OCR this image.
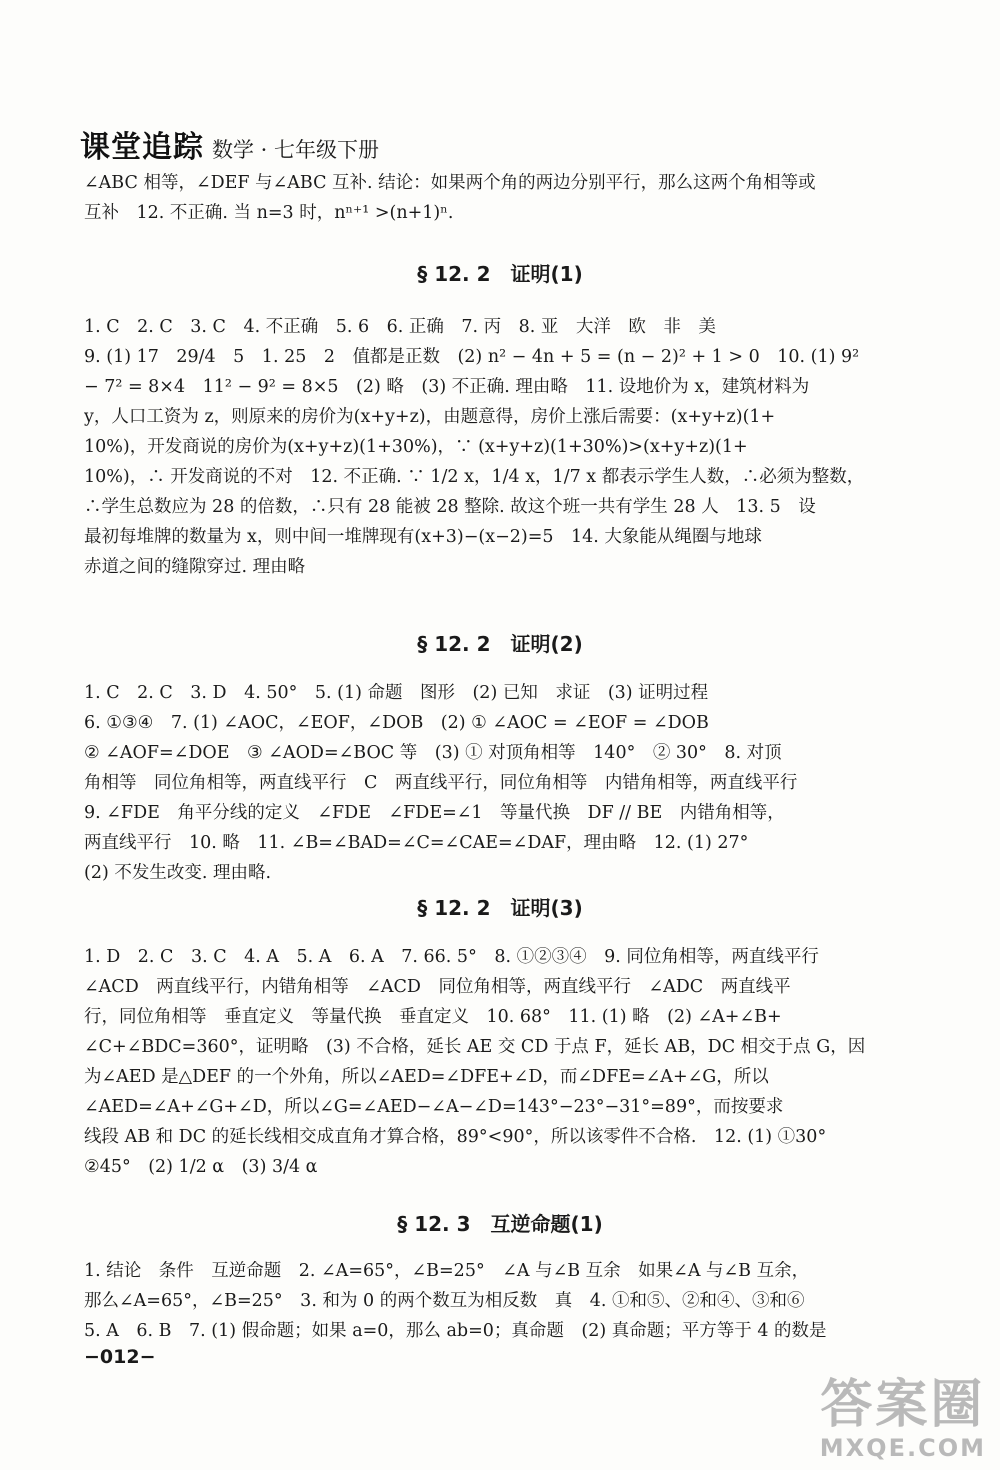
课堂追踪 数学 · 七年级下册
∠ABC 相等，∠DEF 与∠ABC 互补. 结论：如果两个角的两边分别平行，那么这两个角相等或
互补　12. 不正确. 当 n=3 时，nⁿ⁺¹ >(n+1)ⁿ.
§ 12. 2　证明(1)
1. C　2. C　3. C　4. 不正确　5. 6　6. 正确　7. 丙　8. 亚　大洋　欧　非　美
9. (1) 17　29/4　5　1. 25　2　值都是正数　(2) n² − 4n + 5 = (n − 2)² + 1 > 0　10. (1) 9²
− 7² = 8×4　11² − 9² = 8×5　(2) 略　(3) 不正确. 理由略　11. 设地价为 x，建筑材料为
y，人口工资为 z，则原来的房价为(x+y+z)，由题意得，房价上涨后需要：(x+y+z)(1+
10%)，开发商说的房价为(x+y+z)(1+30%)，∵ (x+y+z)(1+30%)>(x+y+z)(1+
10%)，∴ 开发商说的不对　12. 不正确. ∵ 1/2 x，1/4 x，1/7 x 都表示学生人数，∴必须为整数，
∴学生总数应为 28 的倍数，∴只有 28 能被 28 整除. 故这个班一共有学生 28 人　13. 5　设
最初每堆牌的数量为 x，则中间一堆牌现有(x+3)−(x−2)=5　14. 大象能从绳圈与地球
赤道之间的缝隙穿过. 理由略
§ 12. 2　证明(2)
1. C　2. C　3. D　4. 50°　5. (1) 命题　图形　(2) 已知　求证　(3) 证明过程
6. ①③④　7. (1) ∠AOC，∠EOF，∠DOB　(2) ① ∠AOC = ∠EOF = ∠DOB
② ∠AOF=∠DOE　③ ∠AOD=∠BOC 等　(3) ① 对顶角相等　140°　② 30°　8. 对顶
角相等　同位角相等，两直线平行　C　两直线平行，同位角相等　内错角相等，两直线平行
9. ∠FDE　角平分线的定义　∠FDE　∠FDE=∠1　等量代换　DF // BE　内错角相等，
两直线平行　10. 略　11. ∠B=∠BAD=∠C=∠CAE=∠DAF，理由略　12. (1) 27°
(2) 不发生改变. 理由略.
§ 12. 2　证明(3)
1. D　2. C　3. C　4. A　5. A　6. A　7. 66. 5°　8. ①②③④　9. 同位角相等，两直线平行
∠ACD　两直线平行，内错角相等　∠ACD　同位角相等，两直线平行　∠ADC　两直线平
行，同位角相等　垂直定义　等量代换　垂直定义　10. 68°　11. (1) 略　(2) ∠A+∠B+
∠C+∠BDC=360°，证明略　(3) 不合格，延长 AE 交 CD 于点 F，延长 AB，DC 相交于点 G，因
为∠AED 是△DEF 的一个外角，所以∠AED=∠DFE+∠D，而∠DFE=∠A+∠G，所以
∠AED=∠A+∠G+∠D，所以∠G=∠AED−∠A−∠D=143°−23°−31°=89°，而按要求
线段 AB 和 DC 的延长线相交成直角才算合格，89°<90°，所以该零件不合格.　12. (1) ①30°
②45°　(2) 1/2 α　(3) 3/4 α
§ 12. 3　互逆命题(1)
1. 结论　条件　互逆命题　2. ∠A=65°，∠B=25°　∠A 与∠B 互余　如果∠A 与∠B 互余，
那么∠A=65°，∠B=25°　3. 和为 0 的两个数互为相反数　真　4. ①和⑤、②和④、③和⑥
5. A　6. B　7. (1) 假命题；如果 a=0，那么 ab=0；真命题　(2) 真命题；平方等于 4 的数是
−012−
答案圈
MXQE.COM
